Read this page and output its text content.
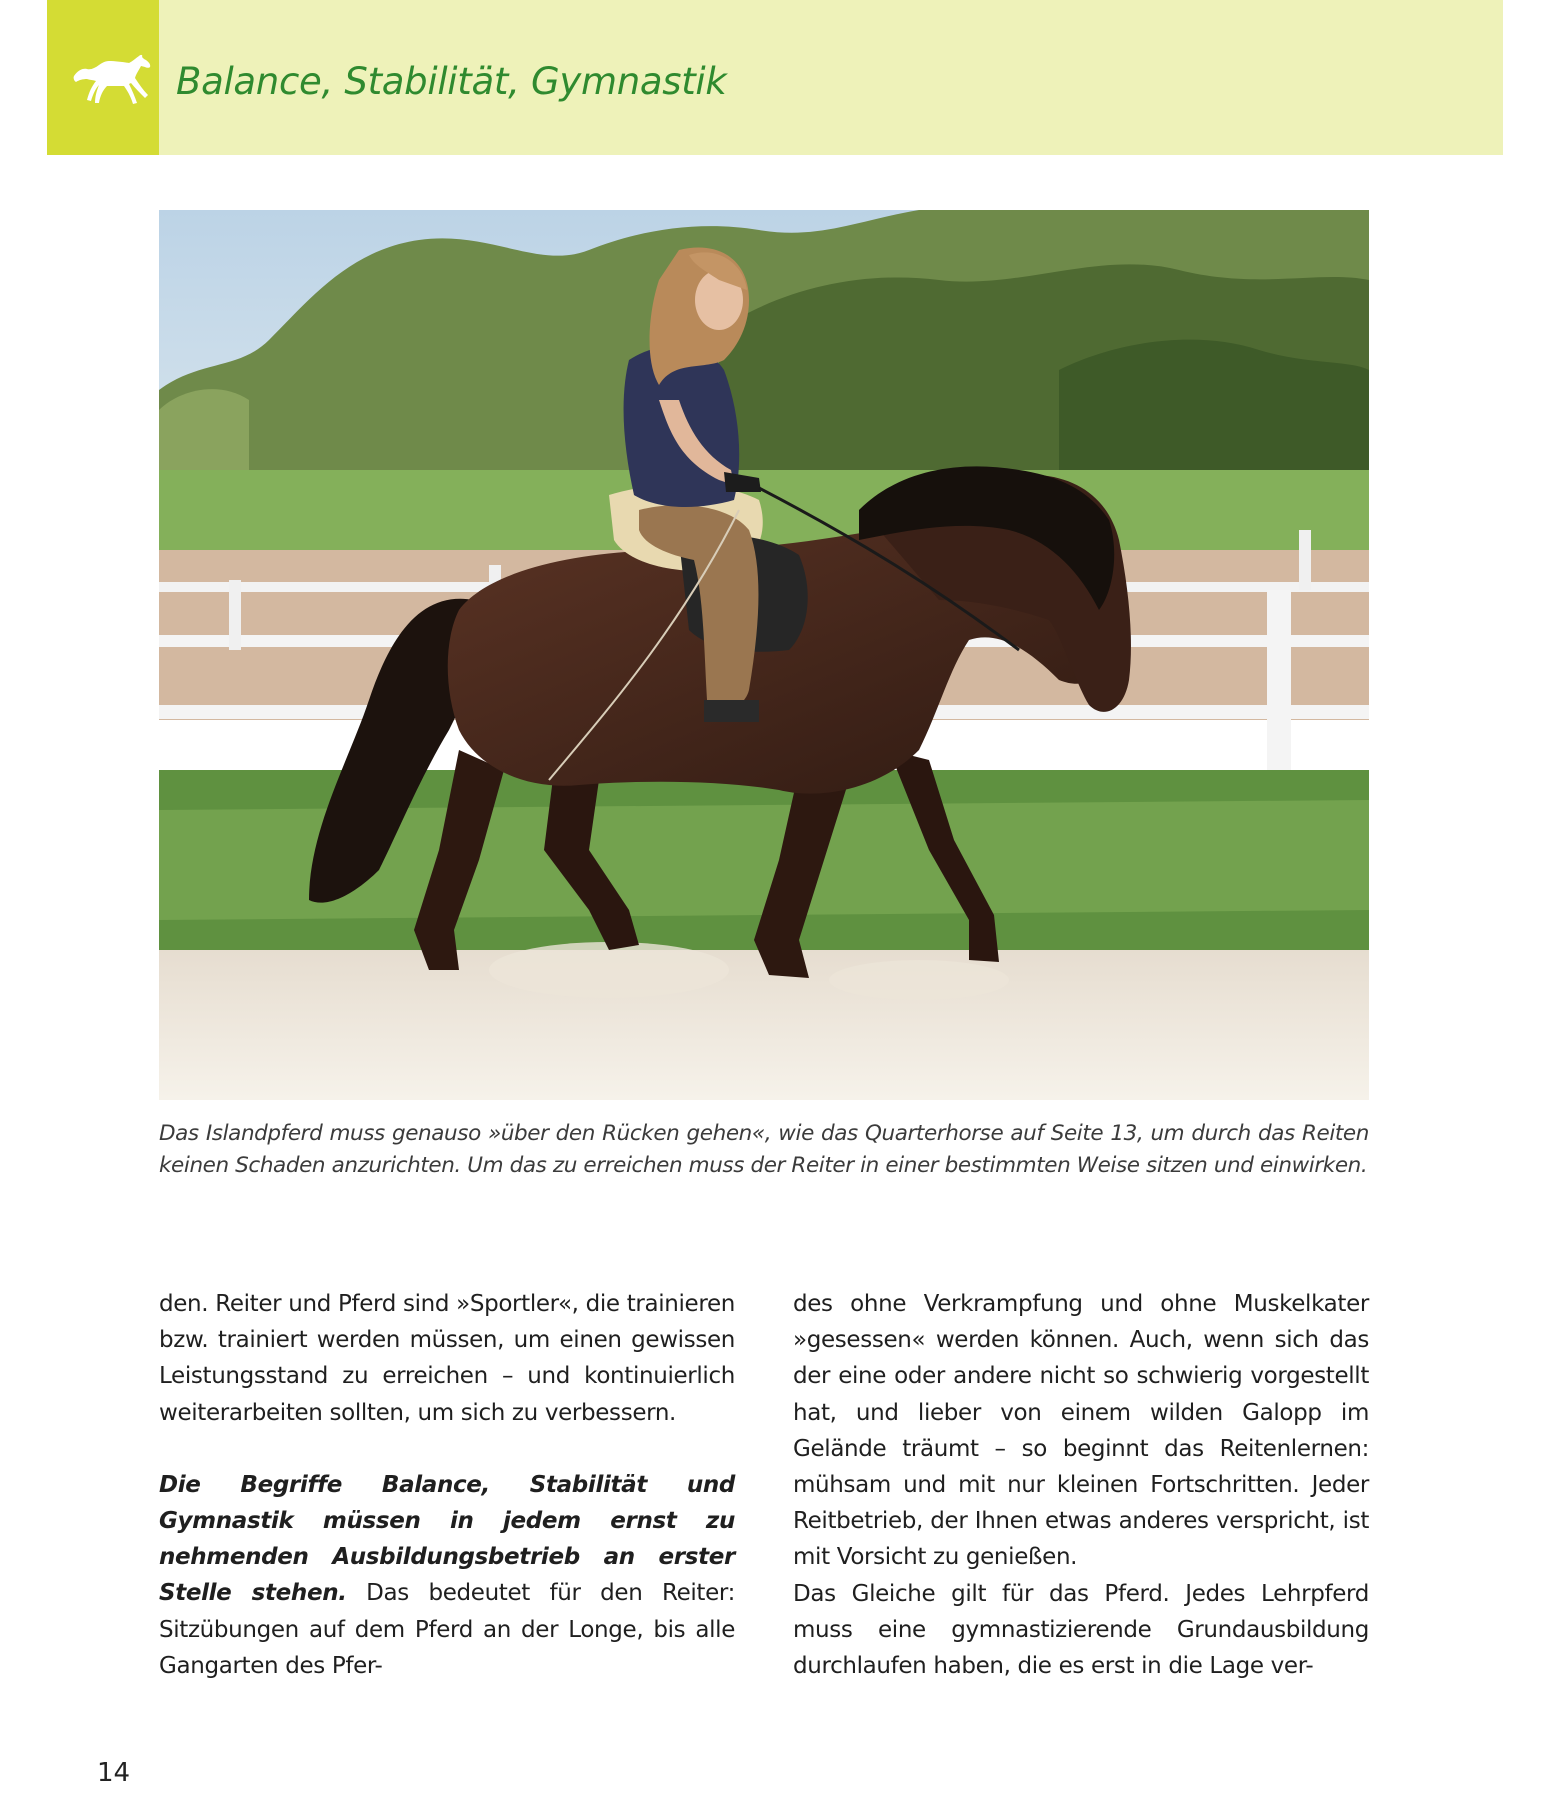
Balance, Stabilität, Gymnastik

Das Islandpferd muss genauso »über den Rücken gehen«, wie das Quarterhorse auf Seite 13, um durch das Reiten keinen Schaden anzurichten. Um das zu erreichen muss der Reiter in einer bestimmten Weise sitzen und einwirken.

den. Reiter und Pferd sind »Sportler«, die trainieren bzw. trainiert werden müssen, um einen gewissen Leistungsstand zu erreichen – und kontinuierlich weiterarbeiten sollten, um sich zu verbessern.

Die Begriffe Balance, Stabilität und Gymnastik müssen in jedem ernst zu nehmenden Ausbildungsbetrieb an erster Stelle stehen. Das bedeutet für den Reiter: Sitzübungen auf dem Pferd an der Longe, bis alle Gangarten des Pfer-

des ohne Verkrampfung und ohne Muskelkater »gesessen« werden können. Auch, wenn sich das der eine oder andere nicht so schwierig vorgestellt hat, und lieber von einem wilden Galopp im Gelände träumt – so beginnt das Reitenlernen: mühsam und mit nur kleinen Fortschritten. Jeder Reitbetrieb, der Ihnen etwas anderes verspricht, ist mit Vorsicht zu genießen.

Das Gleiche gilt für das Pferd. Jedes Lehrpferd muss eine gymnastizierende Grundausbildung durchlaufen haben, die es erst in die Lage ver-

14
